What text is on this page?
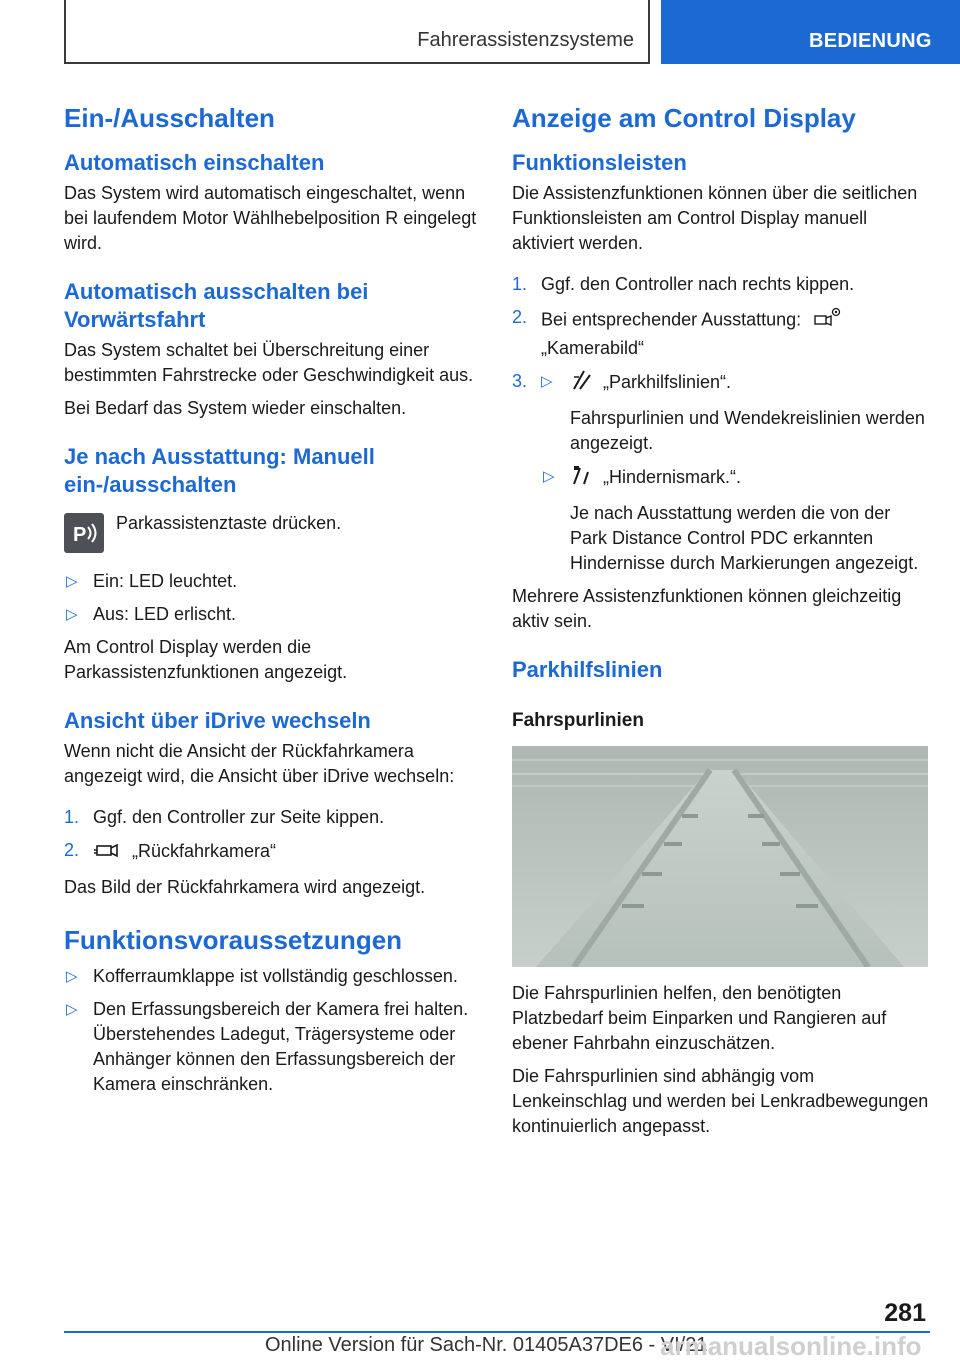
Fahrerassistenzsysteme	BEDIENUNG
Ein-/Ausschalten
Automatisch einschalten

Das System wird automatisch eingeschaltet, wenn bei laufendem Motor Wählhebelposition R eingelegt wird.

Automatisch ausschalten bei Vorwärtsfahrt

Das System schaltet bei Überschreitung einer bestimmten Fahrstrecke oder Geschwindigkeit aus.

Bei Bedarf das System wieder einschalten.

Je nach Ausstattung: Manuell ein-/ausschalten
P

Parkassistenztaste drücken.

▷ Ein: LED leuchtet.
▷ Aus: LED erlischt.

Am Control Display werden die Parkassistenzfunktionen angezeigt.

Ansicht über iDrive wechseln

Wenn nicht die Ansicht der Rückfahrkamera angezeigt wird, die Ansicht über iDrive wechseln:

1. Ggf. den Controller zur Seite kippen.
2.	„Rückfahrkamera“

Das Bild der Rückfahrkamera wird angezeigt.

Funktionsvoraussetzungen
▷ Kofferraumklappe ist vollständig geschlossen.
▷ Den Erfassungsbereich der Kamera frei halten. Überstehendes Ladegut, Trägersysteme oder Anhänger können den Erfassungsbereich der Kamera einschränken.
Anzeige am Control Display
Funktionsleisten

Die Assistenzfunktionen können über die seitlichen Funktionsleisten am Control Display manuell aktiviert werden.

1. Ggf. den Controller nach rechts kippen.
2. Bei entsprechender Ausstattung:
„Kamerabild“
3. ▷	„Parkhilfslinien“.
Fahrspurlinien und Wendekreislinien werden angezeigt.
▷	„Hindernismark.“.
Je nach Ausstattung werden die von der Park Distance Control PDC erkannten Hindernisse durch Markierungen angezeigt.

Mehrere Assistenzfunktionen können gleichzeitig aktiv sein.

Parkhilfslinien
Fahrspurlinien

Die Fahrspurlinien helfen, den benötigten Platzbedarf beim Einparken und Rangieren auf ebener Fahrbahn einzuschätzen.

Die Fahrspurlinien sind abhängig vom Lenkeinschlag und werden bei Lenkradbewegungen kontinuierlich angepasst.

281
Online Version für Sach-Nr. 01405A37DE6 - VI/21
armanualsonline.info
